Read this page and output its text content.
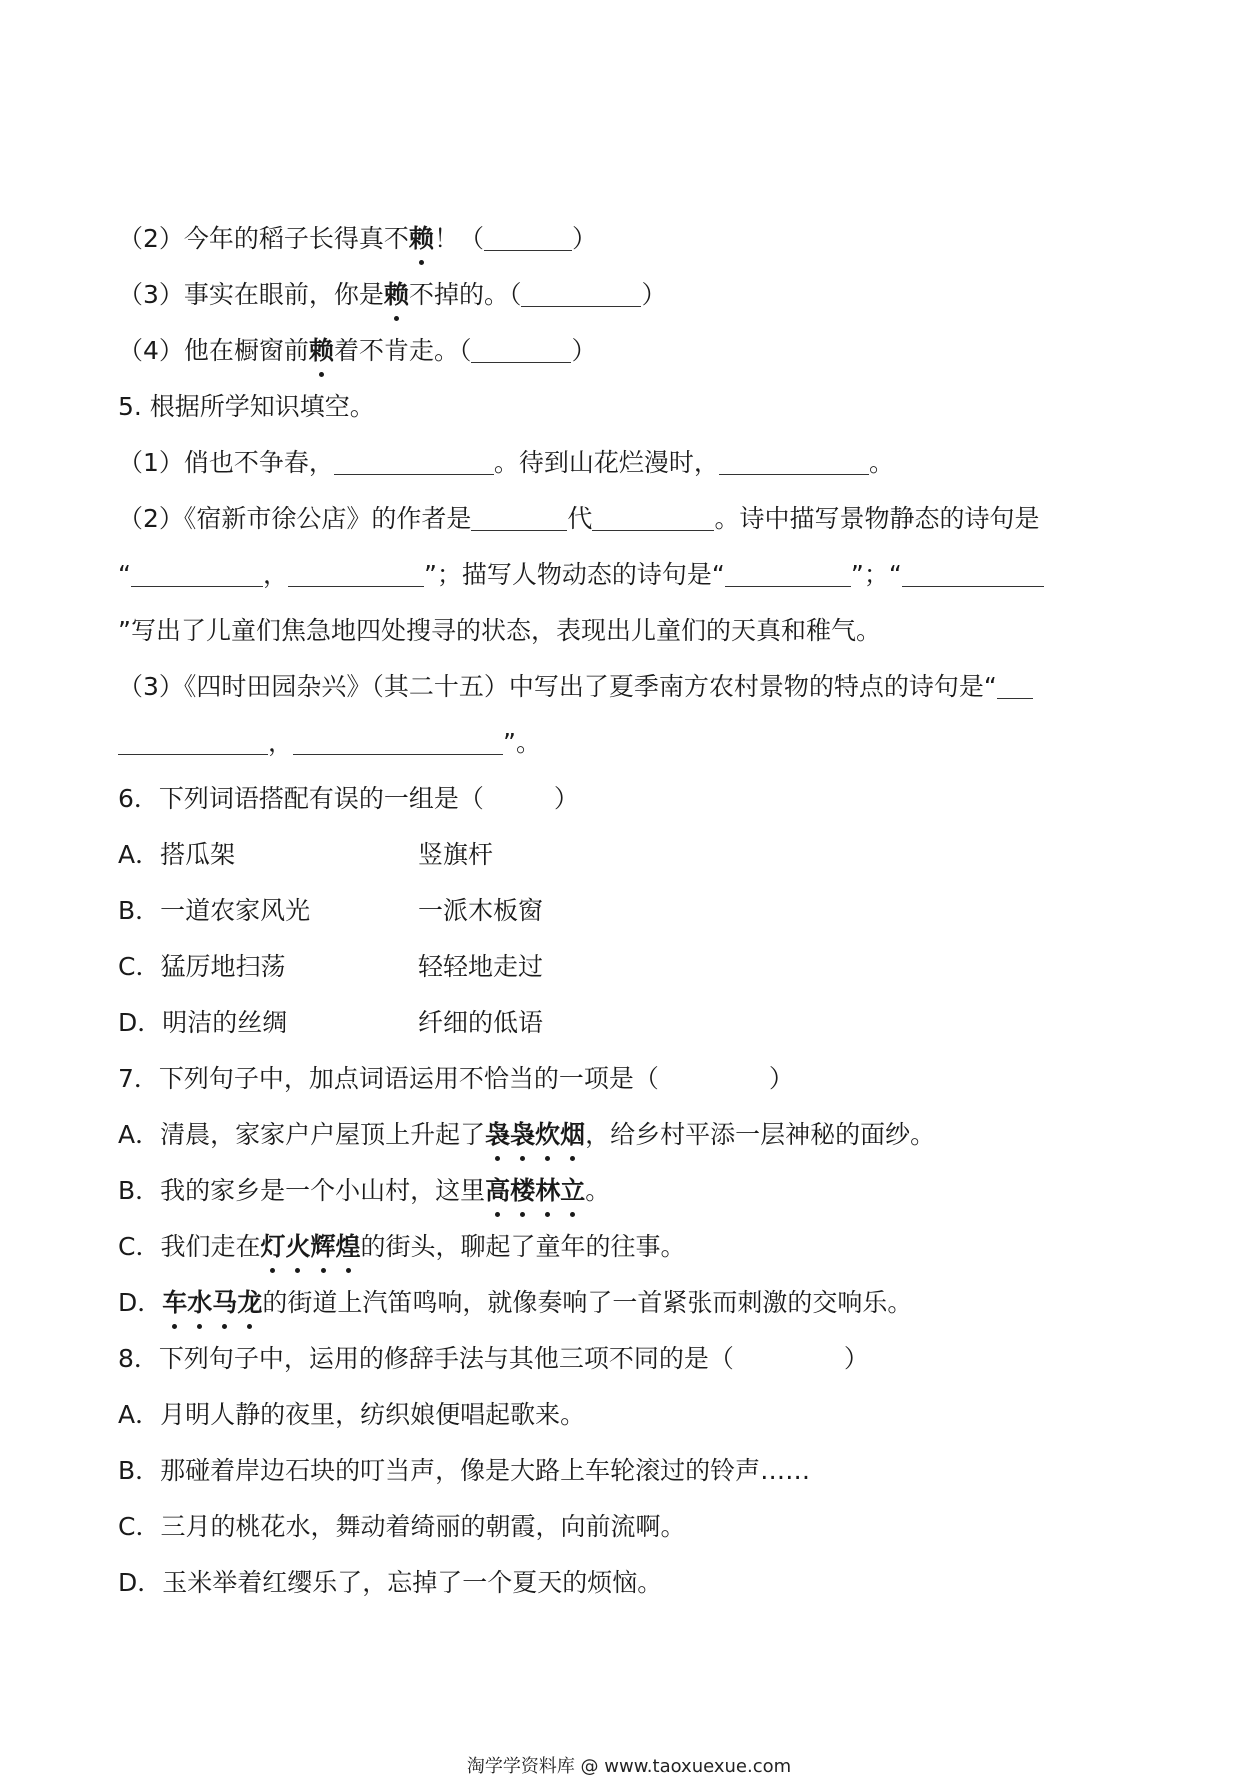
（2）今年的稻子长得真不赖！（	）
（3）事实在眼前，你是赖不掉的。（	）
（4）他在橱窗前赖着不肯走。（	）
5. 根据所学知识填空。
（1）俏也不争春，	。待到山花烂漫时，	。
（2）《宿新市徐公店》的作者是	代	。诗中描写景物静态的诗句是
“	，	”；描写人物动态的诗句是“	”；“
”写出了儿童们焦急地四处搜寻的状态，表现出儿童们的天真和稚气。
（3）《四时田园杂兴》（其二十五）中写出了夏季南方农村景物的特点的诗句是“
，	”。
6．下列词语搭配有误的一组是（	）
A．搭瓜架	竖旗杆
B．一道农家风光	一派木板窗
C．猛厉地扫荡	轻轻地走过
D．明洁的丝绸	纤细的低语
7．下列句子中，加点词语运用不恰当的一项是（	）
A．清晨，家家户户屋顶上升起了袅袅炊烟，给乡村平添一层神秘的面纱。
B．我的家乡是一个小山村，这里高楼林立。
C．我们走在灯火辉煌的街头，聊起了童年的往事。
D．车水马龙的街道上汽笛鸣响，就像奏响了一首紧张而刺激的交响乐。
8．下列句子中，运用的修辞手法与其他三项不同的是（	）
A．月明人静的夜里，纺织娘便唱起歌来。
B．那碰着岸边石块的叮当声，像是大路上车轮滚过的铃声……
C．三月的桃花水，舞动着绮丽的朝霞，向前流啊。
D．玉米举着红缨乐了，忘掉了一个夏天的烦恼。
淘学学资料库 @ www.taoxuexue.com
